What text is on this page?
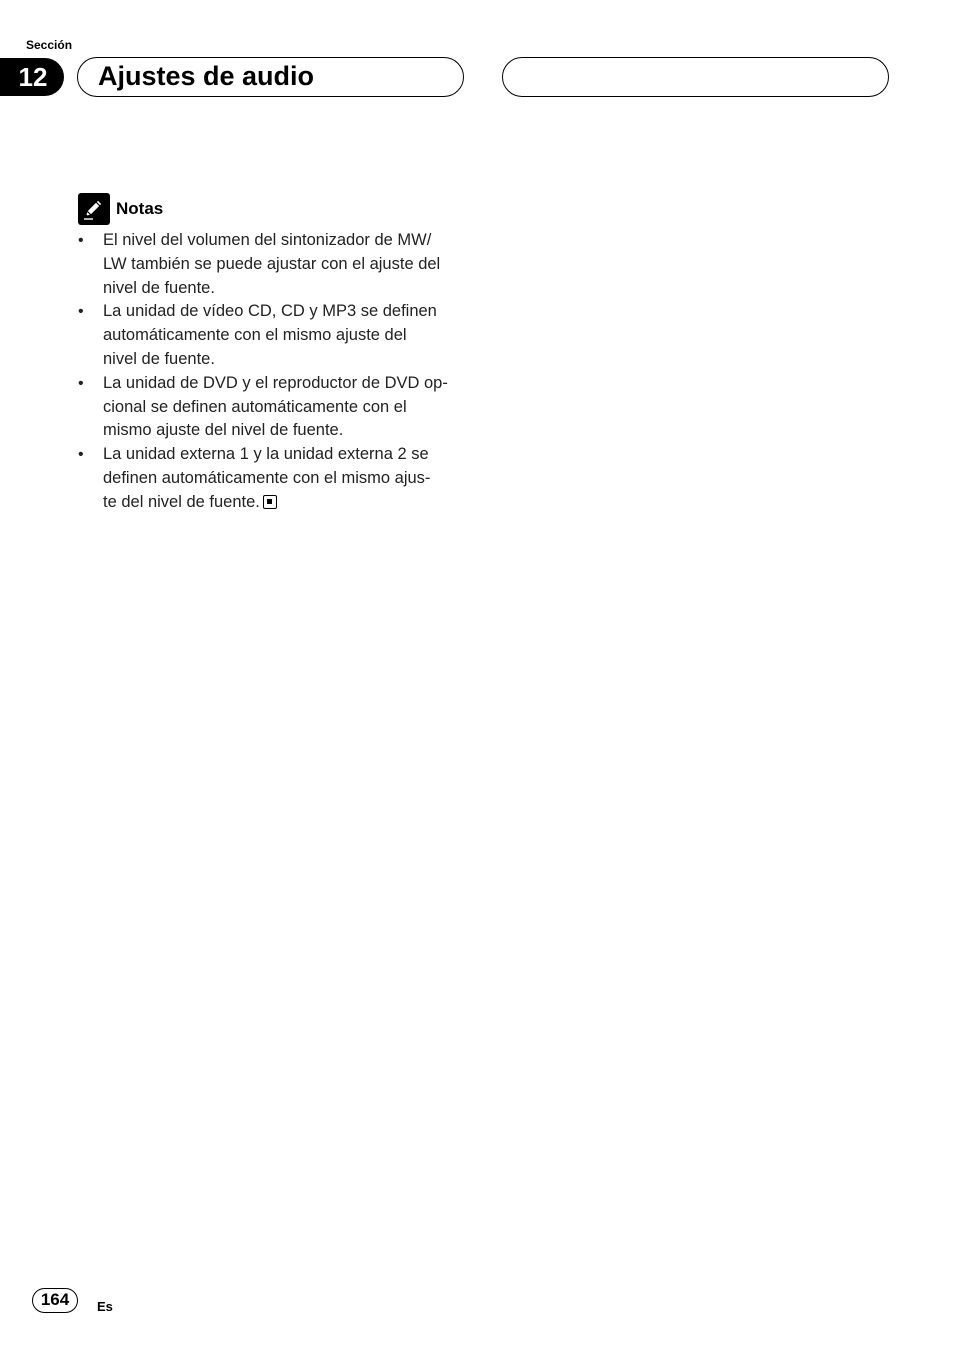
Sección
12	Ajustes de audio
Notas
• El nivel del volumen del sintonizador de MW/
LW también se puede ajustar con el ajuste del
nivel de fuente.
• La unidad de vídeo CD, CD y MP3 se definen
automáticamente con el mismo ajuste del
nivel de fuente.
• La unidad de DVD y el reproductor de DVD op-
cional se definen automáticamente con el
mismo ajuste del nivel de fuente.
• La unidad externa 1 y la unidad externa 2 se
definen automáticamente con el mismo ajus-
te del nivel de fuente.
164	Es
